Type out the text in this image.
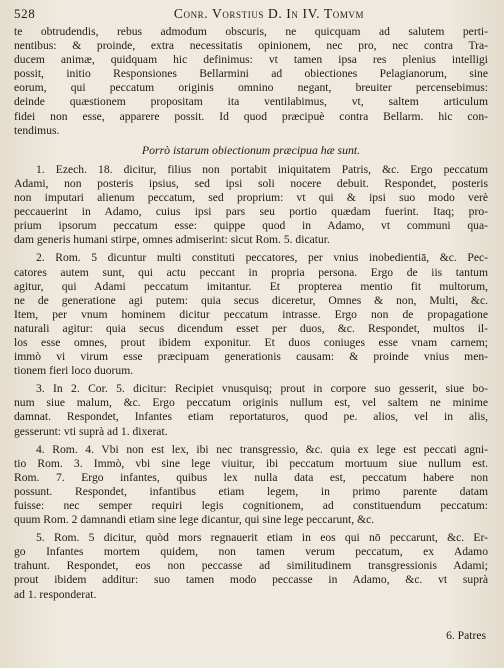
528	Conr. Vorstius D. In IV. Tomvm
te obtrudendis, rebus admodum obscuris, ne quicquam ad salutem perti-
nentibus: & proinde, extra necessitatis opinionem, nec pro, nec contra Tra-
ducem animæ, quidquam hic definimus: vt tamen ipsa res plenius intelligi
possit, initio Responsiones Bellarmini ad obiectiones Pelagianorum, sine
eorum, qui peccatum originis omnino negant, breuiter percensebimus:
deinde quæstionem propositam ita ventilabimus, vt, saltem articulum
fidei non esse, apparere possit. Id quod præcipuè contra Bellarm. hic con-
tendimus.
Porrò istarum obiectionum præcipua hæ sunt.
1. Ezech. 18. dicitur, filius non portabit iniquitatem Patris, &c. Ergo peccatum
Adami, non posteris ipsius, sed ipsi soli nocere debuit. Respondet, posteris
non imputari alienum peccatum, sed proprium: vt qui & ipsi suo modo verè
peccauerint in Adamo, cuius ipsi pars seu portio quædam fuerint. Itaq; pro-
prium ipsorum peccatum esse: quippe quod in Adamo, vt communi qua-
dam generis humani stirpe, omnes admiserint: sicut Rom. 5. dicatur.
2. Rom. 5 dicuntur multi constituti peccatores, per vnius inobedientiā, &c. Pec-
catores autem sunt, qui actu peccant in propria persona. Ergo de iis tantum
agitur, qui Adami peccatum imitantur. Et propterea mentio fit multorum,
ne de generatione agi putem: quia secus diceretur, Omnes & non, Multi, &c.
Item, per vnum hominem dicitur peccatum intrasse. Ergo non de propagatione
naturali agitur: quia secus dicendum esset per duos, &c. Respondet, multos il-
los esse omnes, prout ibidem exponitur. Et duos coniuges esse vnam carnem;
immò vi virum esse præcipuam generationis causam: & proinde vnius men-
tionem fieri loco duorum.
3. In 2. Cor. 5. dicitur: Recipiet vnusquisq; prout in corpore suo gesserit, siue bo-
num siue malum, &c. Ergo peccatum originis nullum est, vel saltem ne minime
damnat. Respondet, Infantes etiam reportaturos, quod pe. alios, vel in alis,
gesserunt: vti suprà ad 1. dixerat.
4. Rom. 4. Vbi non est lex, ibi nec transgressio, &c. quia ex lege est peccati agni-
tio Rom. 3. Immò, vbi sine lege viuitur, ibi peccatum mortuum siue nullum est.
Rom. 7. Ergo infantes, quibus lex nulla data est, peccatum habere non
possunt. Respondet, infantibus etiam legem, in primo parente datam
fuisse: nec semper requiri legis cognitionem, ad constituendum peccatum:
quum Rom. 2 damnandi etiam sine lege dicantur, qui sine lege peccarunt, &c.
5. Rom. 5 dicitur, quòd mors regnauerit etiam in eos qui nō peccarunt, &c. Er-
go Infantes mortem quidem, non tamen verum peccatum, ex Adamo
trahunt. Respondet, eos non peccasse ad similitudinem transgressionis Adami;
prout ibidem additur: suo tamen modo peccasse in Adamo, &c. vt suprà
ad 1. responderat.
6. Patres
